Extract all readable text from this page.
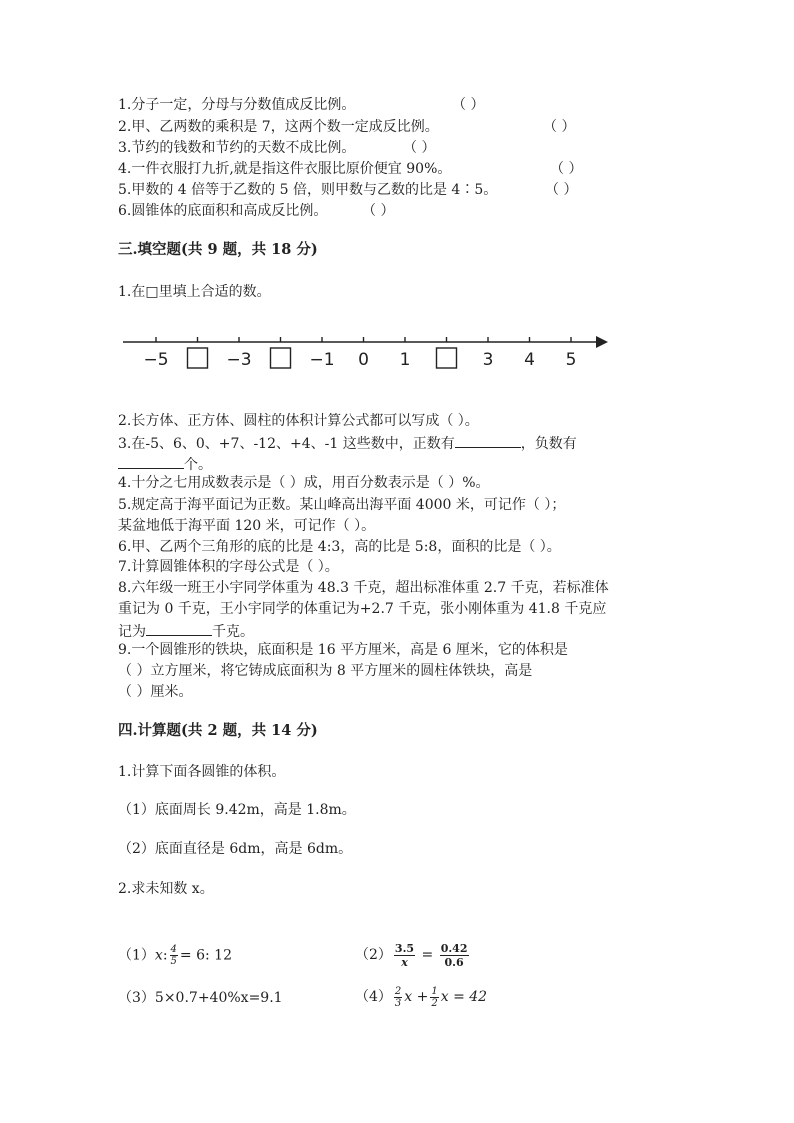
1.分子一定，分母与分数值成反比例。	（ ）
2.甲、乙两数的乘积是 7，这两个数一定成反比例。	（ ）
3.节约的钱数和节约的天数不成比例。	（ ）
4.一件衣服打九折,就是指这件衣服比原价便宜 90%。	（ ）
5.甲数的 4 倍等于乙数的 5 倍，则甲数与乙数的比是 4∶5。	（ ）
6.圆锥体的底面积和高成反比例。 （ ）
三.填空题(共 9 题，共 18 分)
1.在□里填上合适的数。
−5	−3	−1 0 1	3 4 5
2.长方体、正方体、圆柱的体积计算公式都可以写成（ ）。
3.在-5、6、0、+7、-12、+4、-1 这些数中，正数有	，负数有
个。
4.十分之七用成数表示是（ ）成，用百分数表示是（ ）%。
5.规定高于海平面记为正数。某山峰高出海平面 4000 米，可记作（ ）；
某盆地低于海平面 120 米，可记作（ ）。
6.甲、乙两个三角形的底的比是 4:3，高的比是 5:8，面积的比是（ ）。
7.计算圆锥体积的字母公式是（ ）。
8.六年级一班王小宇同学体重为 48.3 千克，超出标准体重 2.7 千克，若标准体
重记为 0 千克，王小宇同学的体重记为+2.7 千克，张小刚体重为 41.8 千克应
记为	千克。
9.一个圆锥形的铁块，底面积是 16 平方厘米，高是 6 厘米，它的体积是
（ ）立方厘米，将它铸成底面积为 8 平方厘米的圆柱体铁块，高是
（ ）厘米。
四.计算题(共 2 题，共 14 分)
1.计算下面各圆锥的体积。
（1）底面周长 9.42m，高是 1.8m。
（2）底面直径是 6dm，高是 6dm。
2.求未知数 x。
（1）x: $\frac{4}{5} = 6$: 12	$(2) \frac{3.5}{x} = \frac{0.42}{0.6}$
（3）5×0.7+40%x=9.1	$(4) \frac{2}{3}$ $x + \frac{1}{2}$ x = 42
